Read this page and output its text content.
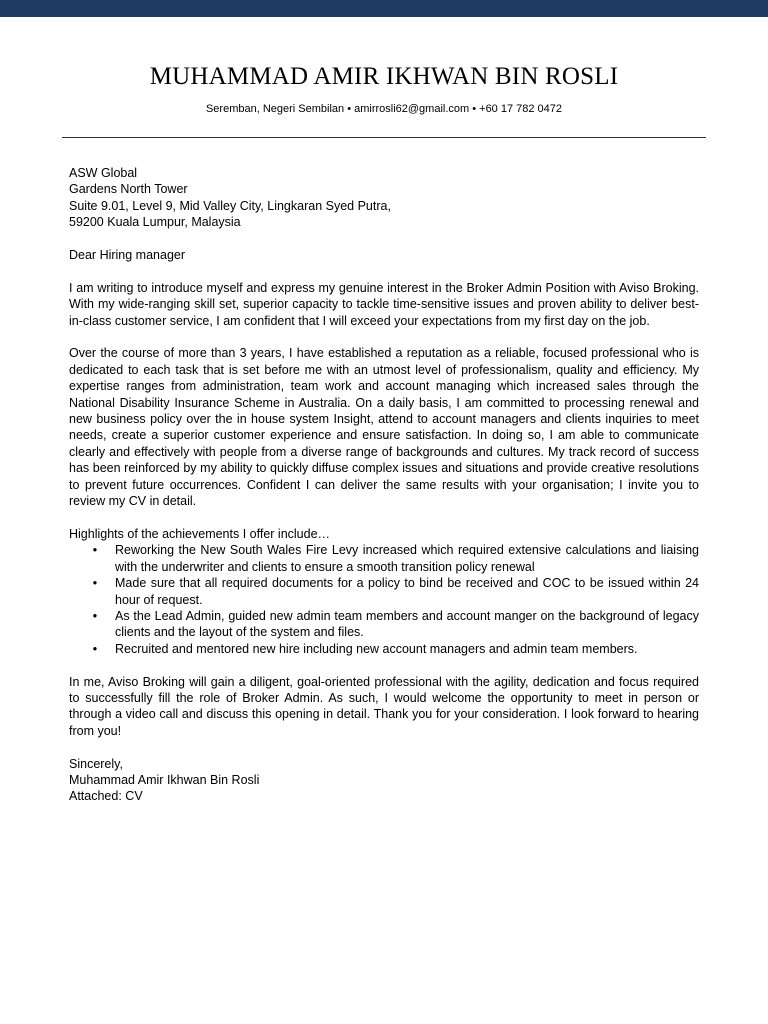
MUHAMMAD AMIR IKHWAN BIN ROSLI
Seremban, Negeri Sembilan • amirrosli62@gmail.com • +60 17 782 0472
ASW Global
Gardens North Tower
Suite 9.01, Level 9, Mid Valley City, Lingkaran Syed Putra,
59200 Kuala Lumpur, Malaysia

Dear Hiring manager

I am writing to introduce myself and express my genuine interest in the Broker Admin Position with Aviso Broking. With my wide-ranging skill set, superior capacity to tackle time-sensitive issues and proven ability to deliver best-in-class customer service, I am confident that I will exceed your expectations from my first day on the job.

Over the course of more than 3 years, I have established a reputation as a reliable, focused professional who is dedicated to each task that is set before me with an utmost level of professionalism, quality and efficiency. My expertise ranges from administration, team work and account managing which increased sales through the National Disability Insurance Scheme in Australia. On a daily basis, I am committed to processing renewal and new business policy over the in house system Insight, attend to account managers and clients inquiries to meet needs, create a superior customer experience and ensure satisfaction. In doing so, I am able to communicate clearly and effectively with people from a diverse range of backgrounds and cultures. My track record of success has been reinforced by my ability to quickly diffuse complex issues and situations and provide creative resolutions to prevent future occurrences. Confident I can deliver the same results with your organisation; I invite you to review my CV in detail.

Highlights of the achievements I offer include…
• Reworking the New South Wales Fire Levy increased which required extensive calculations and liaising with the underwriter and clients to ensure a smooth transition policy renewal
• Made sure that all required documents for a policy to bind be received and COC to be issued within 24 hour of request.
• As the Lead Admin, guided new admin team members and account manger on the background of legacy clients and the layout of the system and files.
• Recruited and mentored new hire including new account managers and admin team members.

In me, Aviso Broking will gain a diligent, goal-oriented professional with the agility, dedication and focus required to successfully fill the role of Broker Admin. As such, I would welcome the opportunity to meet in person or through a video call and discuss this opening in detail. Thank you for your consideration. I look forward to hearing from you!

Sincerely,
Muhammad Amir Ikhwan Bin Rosli
Attached: CV
